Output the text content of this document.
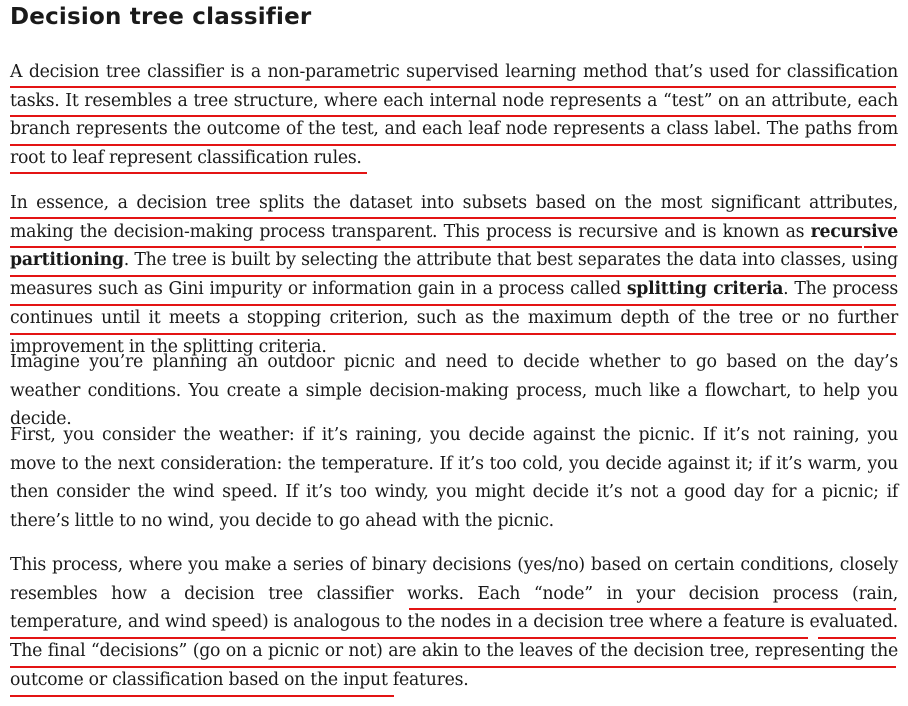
Decision tree classifier

A decision tree classifier is a non-parametric supervised learning method that’s used for classification tasks. It resembles a tree structure, where each internal node represents a “test” on an attribute, each branch represents the outcome of the test, and each leaf node represents a class label. The paths from root to leaf represent classification rules.

In essence, a decision tree splits the dataset into subsets based on the most significant attributes, making the decision-making process transparent. This process is recursive and is known as recursive partitioning. The tree is built by selecting the attribute that best separates the data into classes, using measures such as Gini impurity or information gain in a process called splitting criteria. The process continues until it meets a stopping criterion, such as the maximum depth of the tree or no further improvement in the splitting criteria.

Imagine you’re planning an outdoor picnic and need to decide whether to go based on the day’s weather conditions. You create a simple decision-making process, much like a flowchart, to help you decide.

First, you consider the weather: if it’s raining, you decide against the picnic. If it’s not raining, you move to the next consideration: the temperature. If it’s too cold, you decide against it; if it’s warm, you then consider the wind speed. If it’s too windy, you might decide it’s not a good day for a picnic; if there’s little to no wind, you decide to go ahead with the picnic.

This process, where you make a series of binary decisions (yes/no) based on certain conditions, closely resembles how a decision tree classifier works. Each “node” in your decision process (rain, temperature, and wind speed) is analogous to the nodes in a decision tree where a feature is evaluated. The final “decisions” (go on a picnic or not) are akin to the leaves of the decision tree, representing the outcome or classification based on the input features.
